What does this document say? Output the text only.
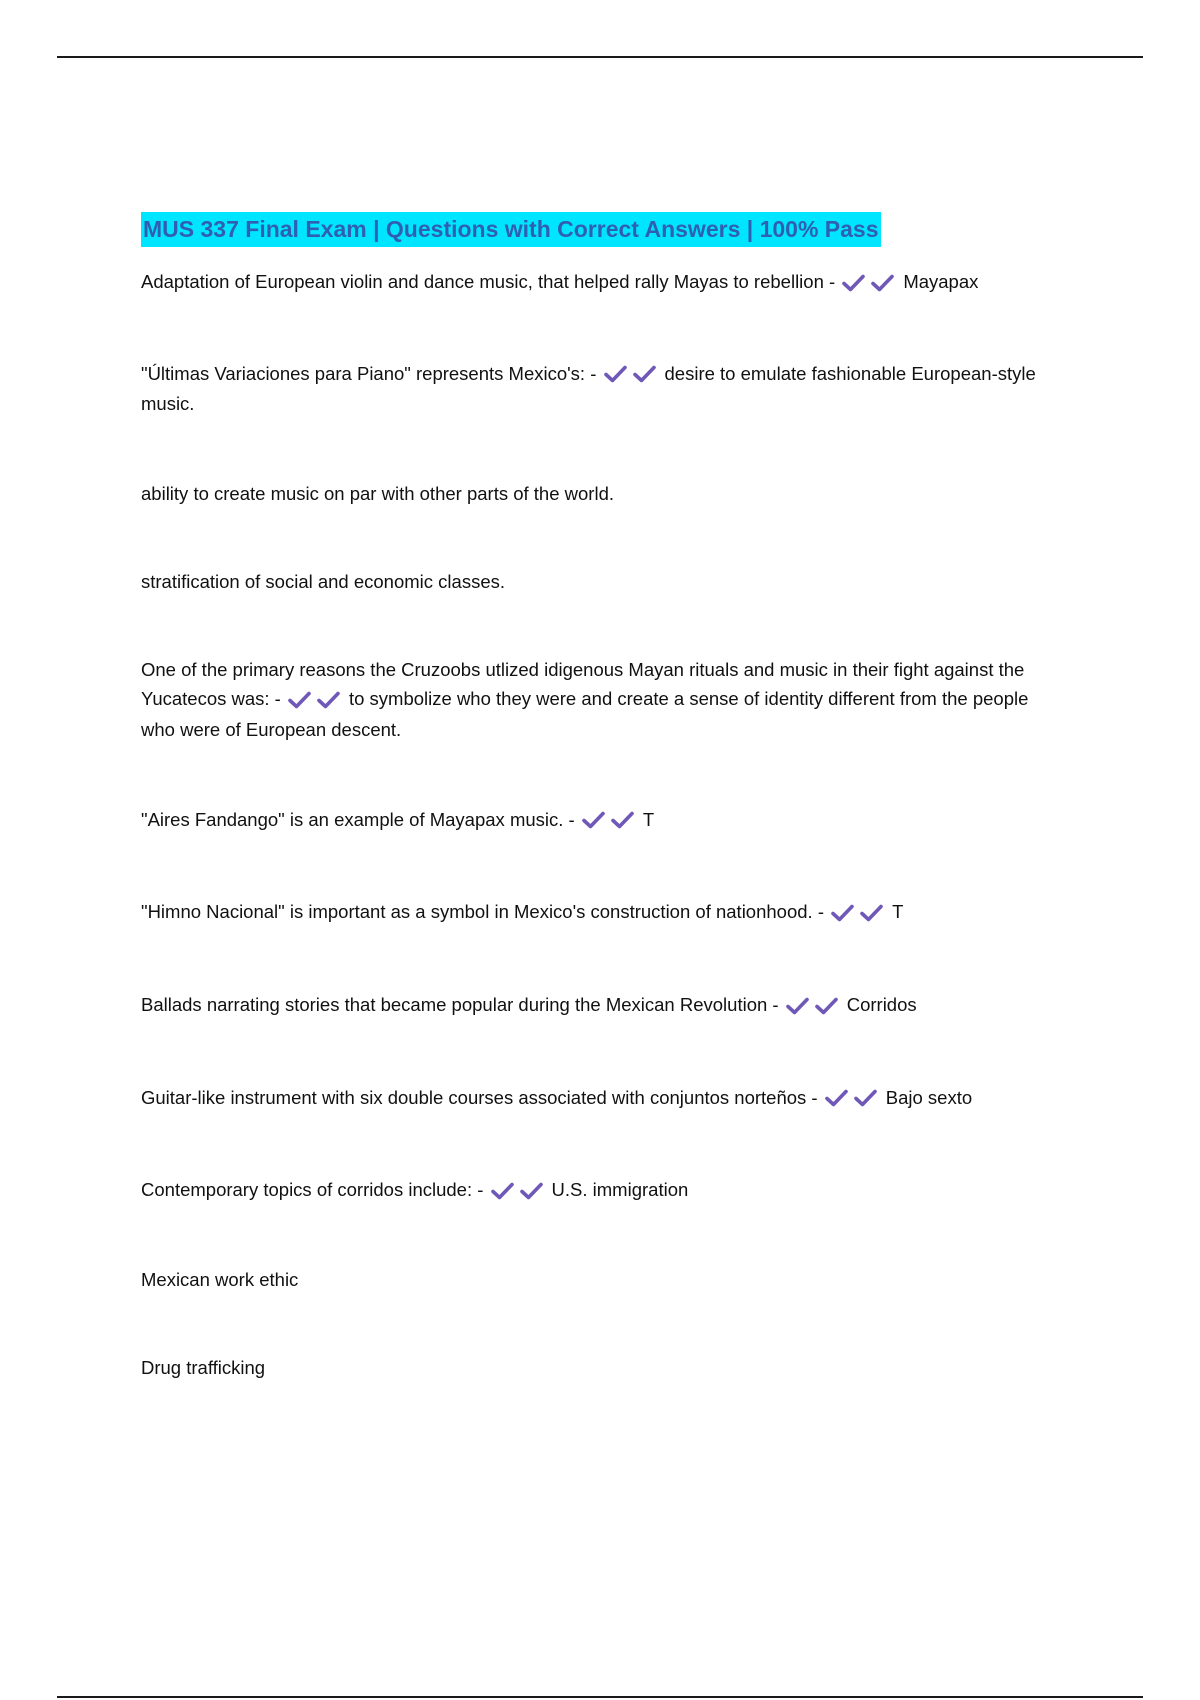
MUS 337 Final Exam | Questions with Correct Answers | 100% Pass

Adaptation of European violin and dance music, that helped rally Mayas to rebellion -	Mayapax

"Últimas Variaciones para Piano" represents Mexico's: -	desire to emulate fashionable European-style music.

ability to create music on par with other parts of the world.

stratification of social and economic classes.

One of the primary reasons the Cruzoobs utlized idigenous Mayan rituals and music in their fight against the Yucatecos was: -	to symbolize who they were and create a sense of identity different from the people who were of European descent.

"Aires Fandango" is an example of Mayapax music. -	T

"Himno Nacional" is important as a symbol in Mexico's construction of nationhood. -	T

Ballads narrating stories that became popular during the Mexican Revolution -	Corridos

Guitar-like instrument with six double courses associated with conjuntos norteños -	Bajo sexto

Contemporary topics of corridos include: -	U.S. immigration

Mexican work ethic

Drug trafficking
